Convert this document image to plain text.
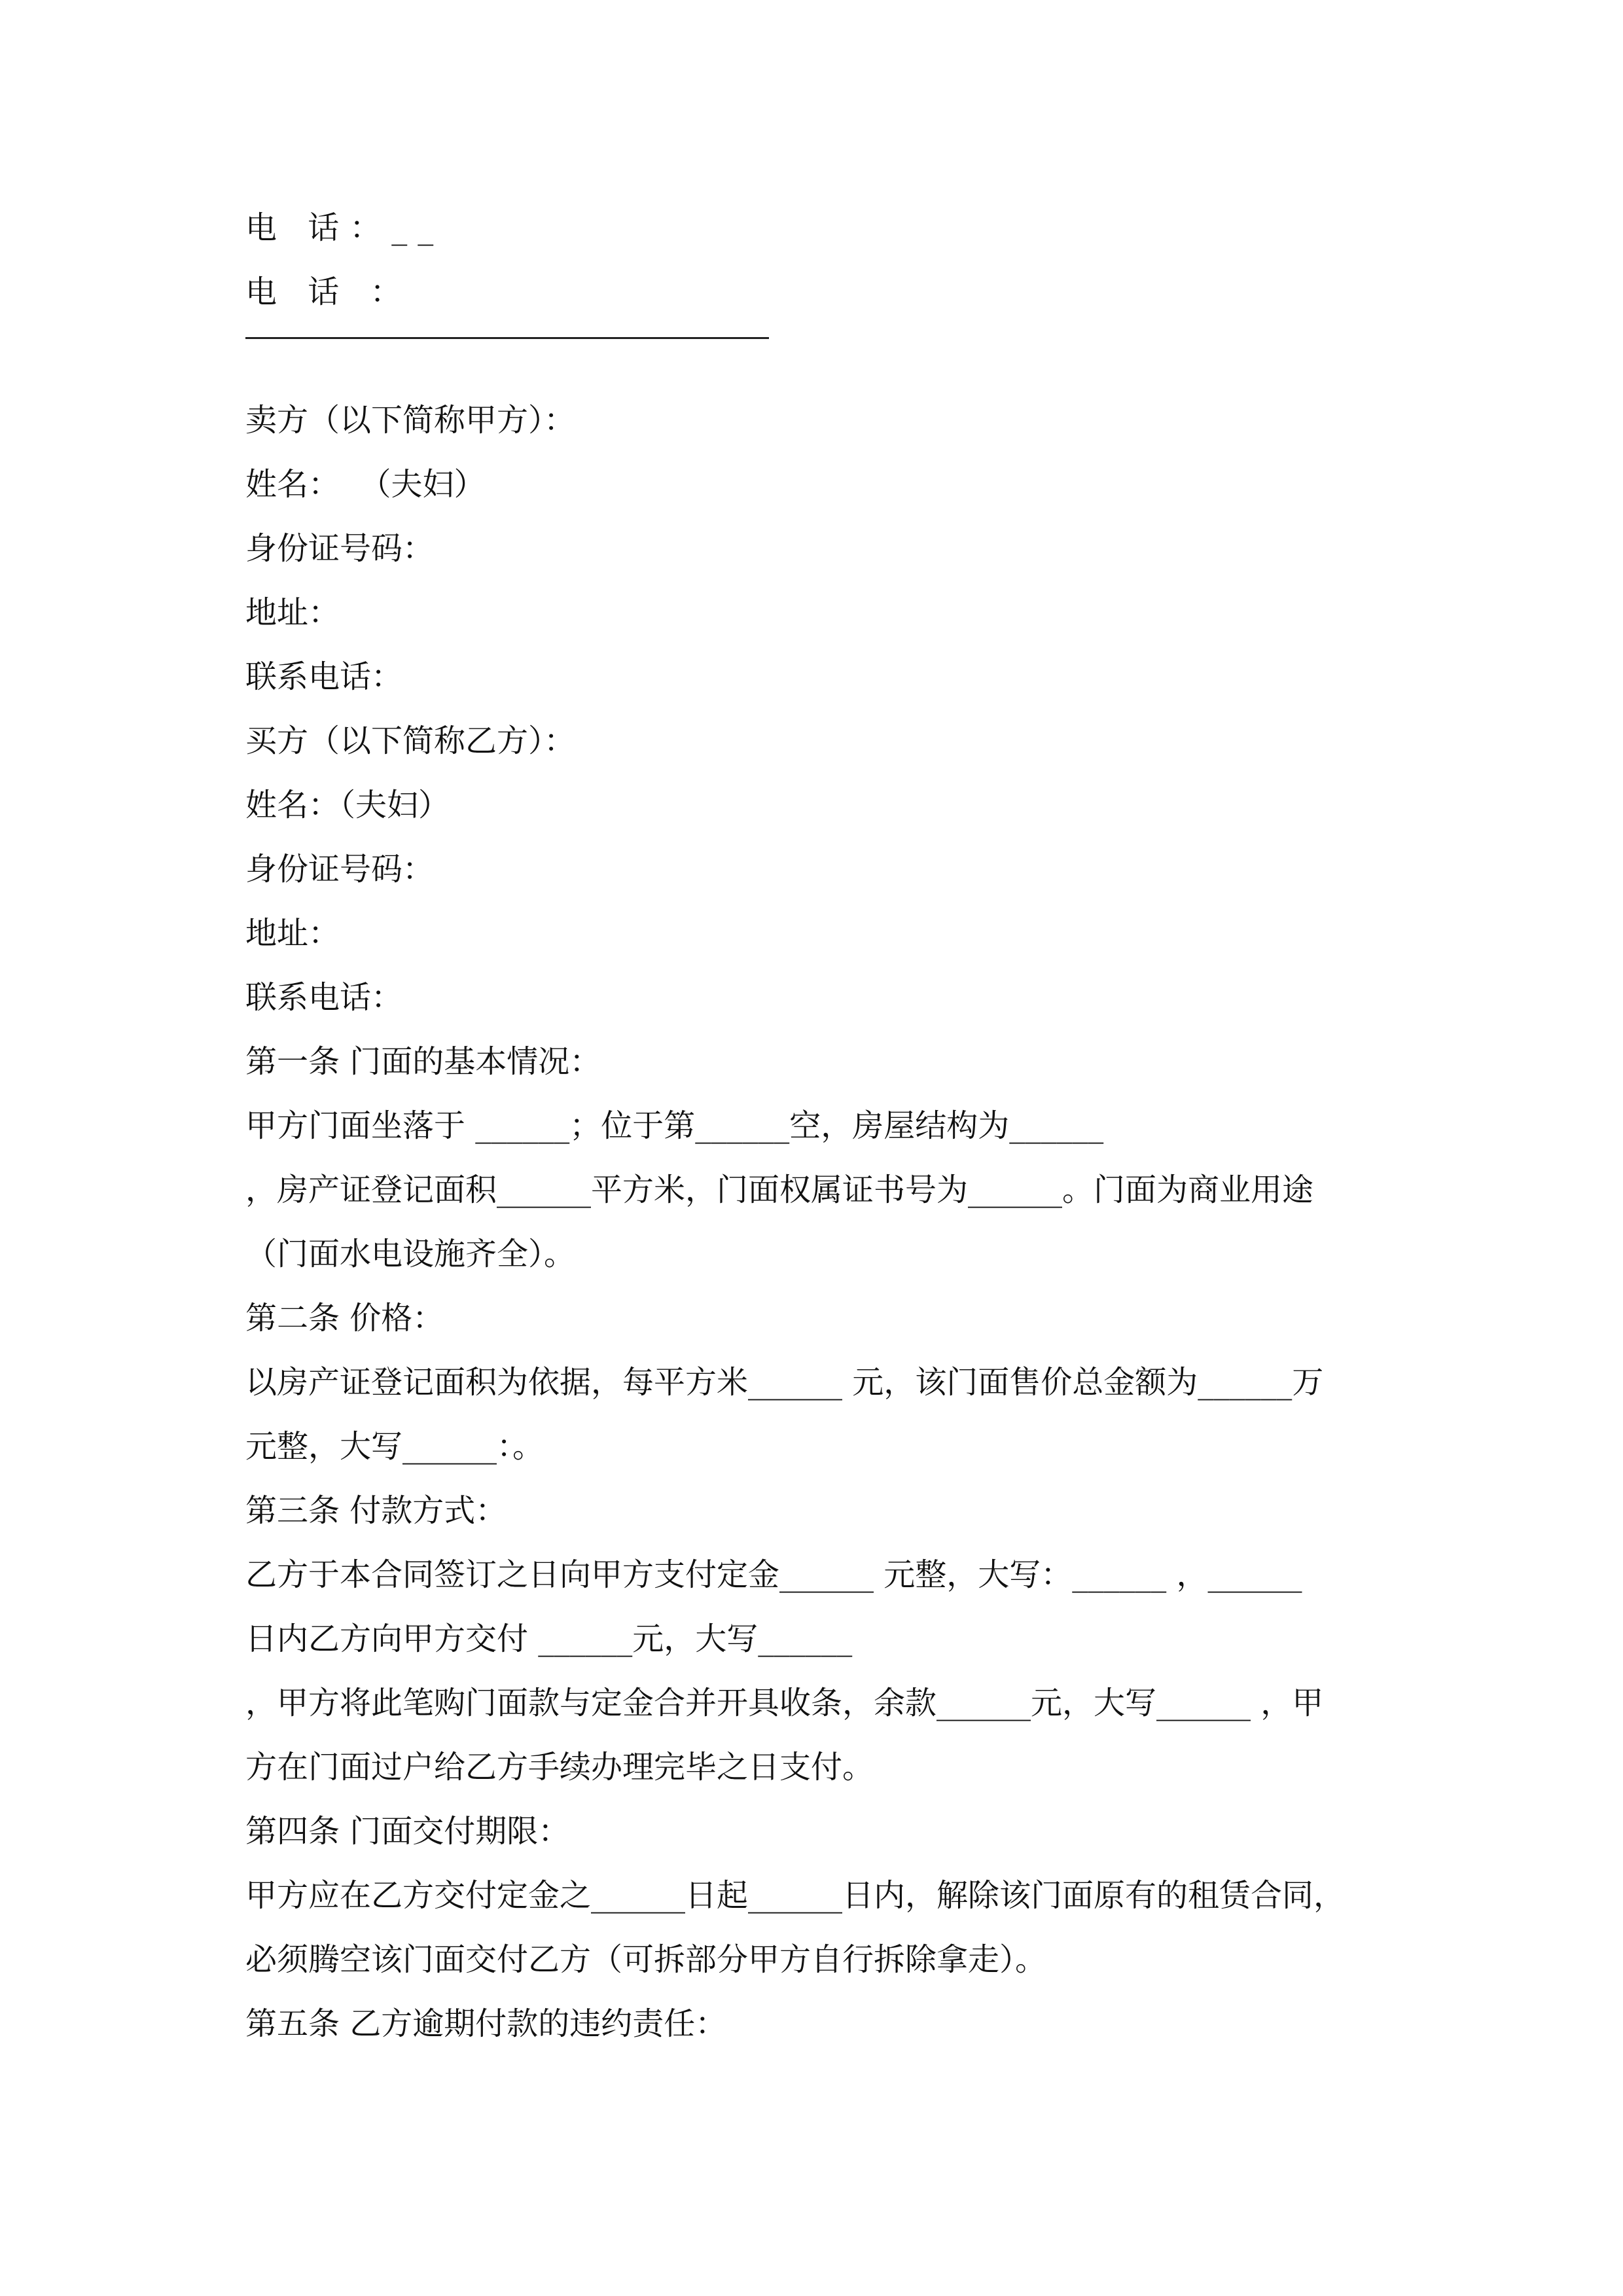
电 话：__
电 话 ：
卖方（以下简称甲方）：
姓名：  （夫妇）
身份证号码：
地址：
联系电话：
买方（以下简称乙方）：
姓名：（夫妇）
身份证号码：
地址：
联系电话：
第一条 门面的基本情况：
甲方门面坐落于 ______；位于第______空，房屋结构为______
，房产证登记面积______平方米，门面权属证书号为______。门面为商业用途
（门面水电设施齐全）。
第二条 价格：
以房产证登记面积为依据，每平方米______ 元，该门面售价总金额为______万
元整，大写______：。
第三条 付款方式：
乙方于本合同签订之日向甲方支付定金______ 元整，大写：______ ，______
日内乙方向甲方交付 ______元，大写______
，甲方将此笔购门面款与定金合并开具收条，余款______元，大写______ ，甲
方在门面过户给乙方手续办理完毕之日支付。
第四条 门面交付期限：
甲方应在乙方交付定金之______日起______日内，解除该门面原有的租赁合同，
必须腾空该门面交付乙方（可拆部分甲方自行拆除拿走）。
第五条 乙方逾期付款的违约责任：
